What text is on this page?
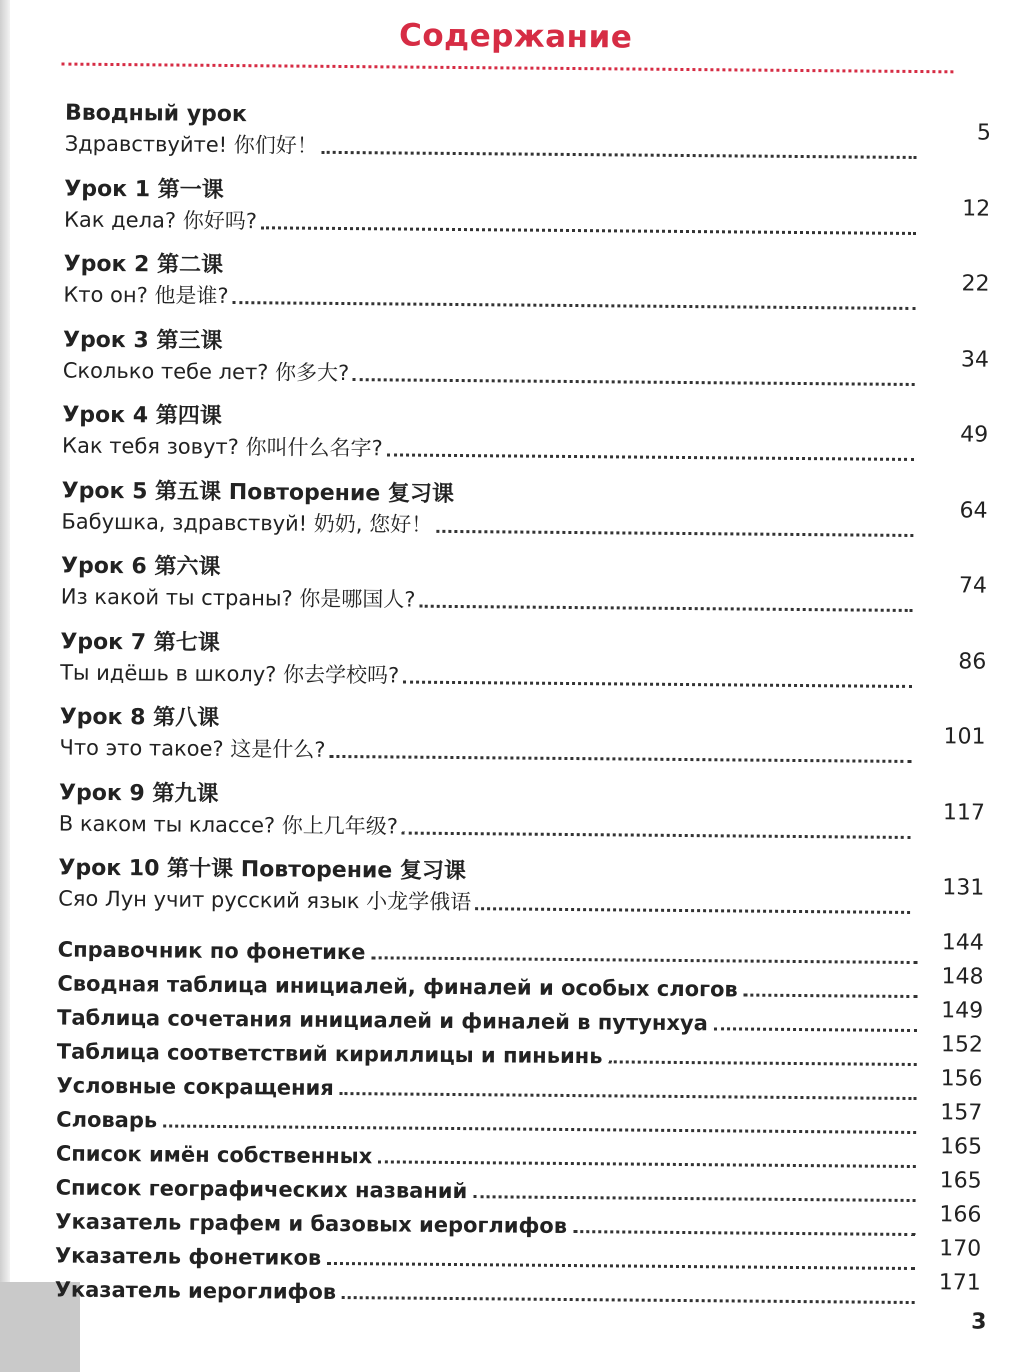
Содержание
Вводный урок
Здравствуйте! 你们好！	5
Урок 1 第一课
Как дела? 你好吗?	12
Урок 2 第二课
Кто он? 他是谁?	22
Урок 3 第三课
Сколько тебе лет? 你多大?	34
Урок 4 第四课
Как тебя зовут? 你叫什么名字?	49
Урок 5 第五课 Повторение 复习课
Бабушка, здравствуй! 奶奶, 您好！	64
Урок 6 第六课
Из какой ты страны? 你是哪国人?	74
Урок 7 第七课
Ты идёшь в школу? 你去学校吗?	86
Урок 8 第八课
Что это такое? 这是什么?	101
Урок 9 第九课
В каком ты классе? 你上几年级?	117
Урок 10 第十课 Повторение 复习课
Сяо Лун учит русский язык 小龙学俄语	131
Справочник по фонетике	144
Сводная таблица инициалей, финалей и особых слогов	148
Таблица сочетания инициалей и финалей в путунхуа	149
Таблица соответствий кириллицы и пиньинь	152
Условные сокращения	156
Словарь	157
Список имён собственных	165
Список географических названий	165
Указатель графем и базовых иероглифов	166
Указатель фонетиков	170
Указатель иероглифов	171
3
